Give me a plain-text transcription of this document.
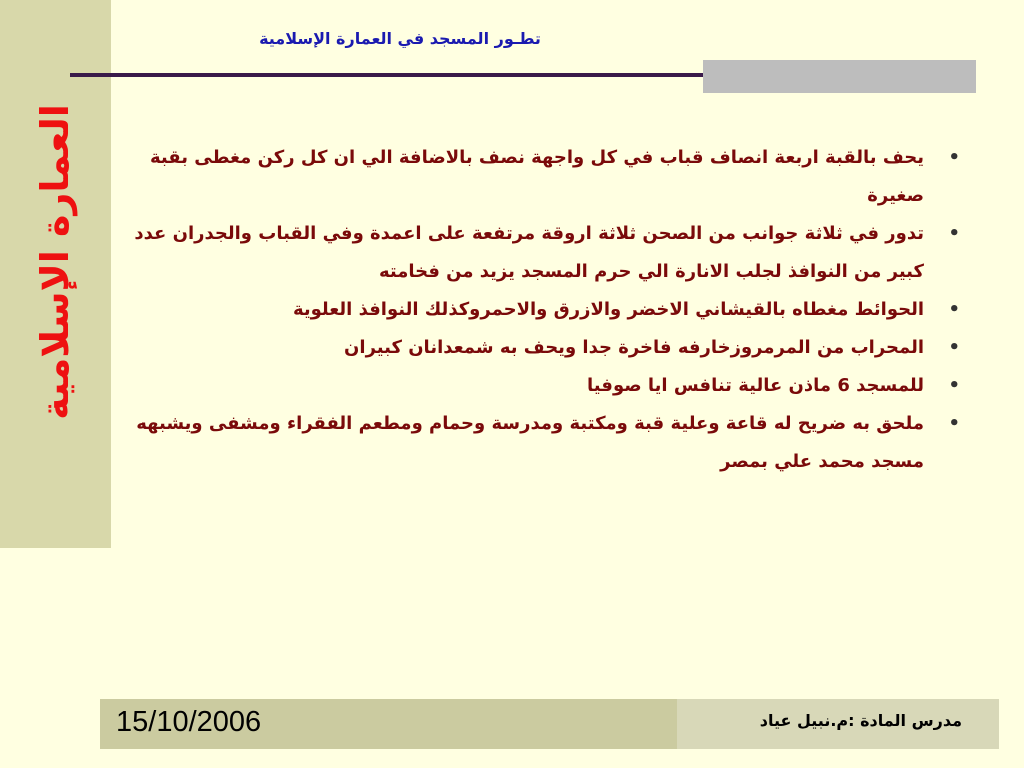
العمارة الإسلامية
تطـور المسجد في العمارة الإسلامية
•
يحف بالقبة اربعة انصاف قباب في كل واجهة نصف بالاضافة الي ان كل ركن مغطى بقبة صغيرة
•
تدور في ثلاثة جوانب من الصحن ثلاثة اروقة مرتفعة على اعمدة وفي القباب والجدران عدد كبير من النوافذ لجلب الانارة الي حرم المسجد يزيد من فخامته
•
الحوائط مغطاه بالقيشاني الاخضر والازرق والاحمروكذلك النوافذ العلوية
•
المحراب من المرمروزخارفه فاخرة جدا ويحف به شمعدانان كبيران
•
للمسجد 6 ماذن عالية تنافس ايا صوفيا
•
ملحق به ضريح له قاعة وعلية قبة ومكتبة ومدرسة وحمام ومطعم الفقراء ومشفى ويشبهه مسجد محمد علي بمصر
15/10/2006	مدرس المادة :م.نبيل عياد
